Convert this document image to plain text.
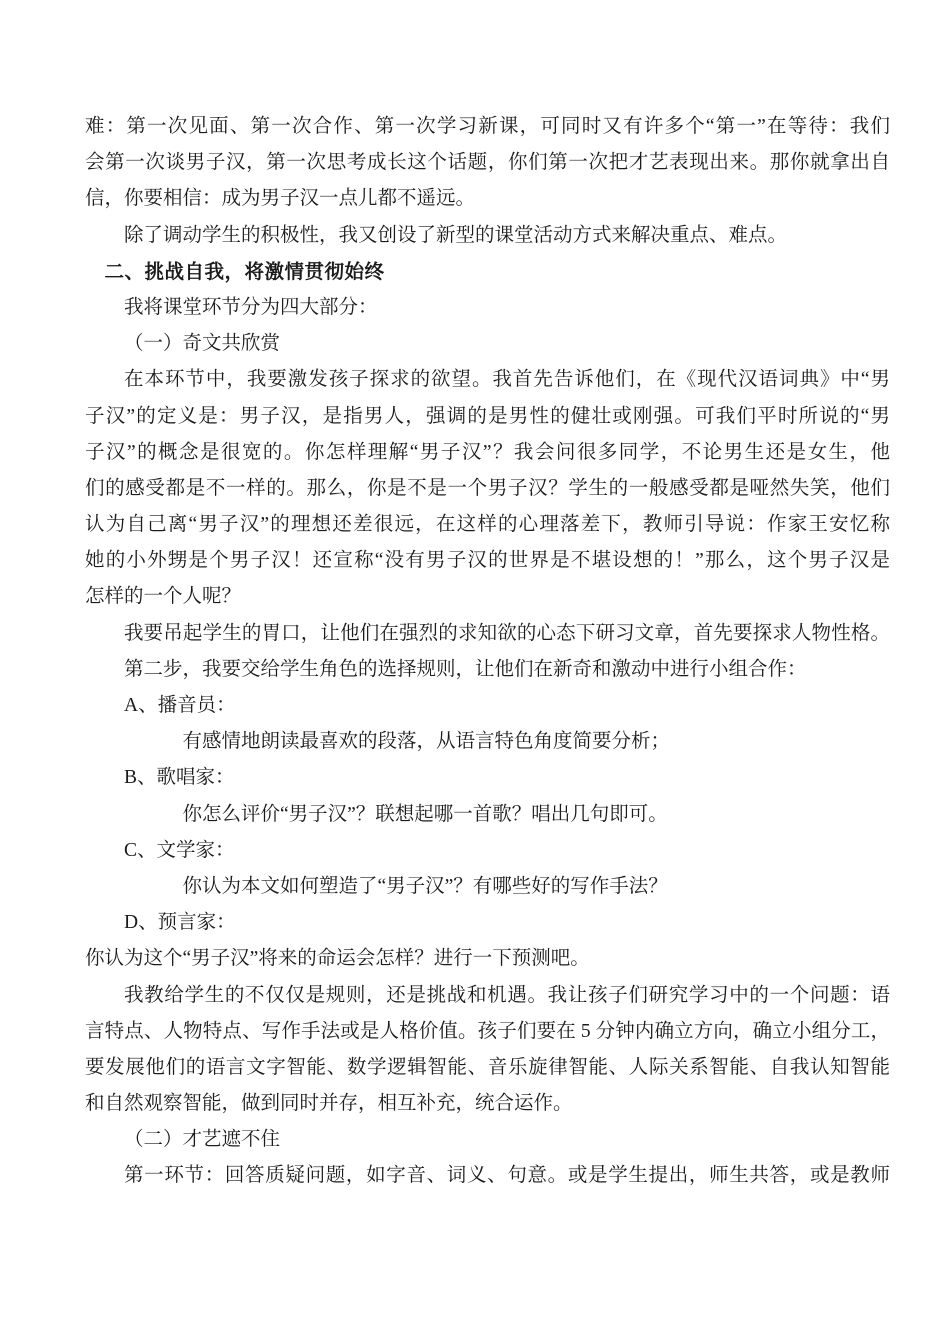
难：第一次见面、第一次合作、第一次学习新课，可同时又有许多个“第一”在等待：我们
会第一次谈男子汉，第一次思考成长这个话题，你们第一次把才艺表现出来。那你就拿出自
信，你要相信：成为男子汉一点儿都不遥远。
除了调动学生的积极性，我又创设了新型的课堂活动方式来解决重点、难点。
二、挑战自我，将激情贯彻始终
我将课堂环节分为四大部分：
（一）奇文共欣赏
在本环节中，我要激发孩子探求的欲望。我首先告诉他们，在《现代汉语词典》中“男
子汉”的定义是：男子汉，是指男人，强调的是男性的健壮或刚强。可我们平时所说的“男
子汉”的概念是很宽的。你怎样理解“男子汉”？我会问很多同学，不论男生还是女生，他
们的感受都是不一样的。那么，你是不是一个男子汉？学生的一般感受都是哑然失笑，他们
认为自己离“男子汉”的理想还差很远，在这样的心理落差下，教师引导说：作家王安忆称
她的小外甥是个男子汉！还宣称“没有男子汉的世界是不堪设想的！”那么，这个男子汉是
怎样的一个人呢？
我要吊起学生的胃口，让他们在强烈的求知欲的心态下研习文章，首先要探求人物性格。
第二步，我要交给学生角色的选择规则，让他们在新奇和激动中进行小组合作：
A、播音员：
有感情地朗读最喜欢的段落，从语言特色角度简要分析；
B、歌唱家：
你怎么评价“男子汉”？联想起哪一首歌？唱出几句即可。
C、文学家：
你认为本文如何塑造了“男子汉”？有哪些好的写作手法？
D、预言家：
你认为这个“男子汉”将来的命运会怎样？进行一下预测吧。
我教给学生的不仅仅是规则，还是挑战和机遇。我让孩子们研究学习中的一个问题：语
言特点、人物特点、写作手法或是人格价值。孩子们要在 5 分钟内确立方向，确立小组分工，
要发展他们的语言文字智能、数学逻辑智能、音乐旋律智能、人际关系智能、自我认知智能
和自然观察智能，做到同时并存，相互补充，统合运作。
（二）才艺遮不住
第一环节：回答质疑问题，如字音、词义、句意。或是学生提出，师生共答，或是教师
